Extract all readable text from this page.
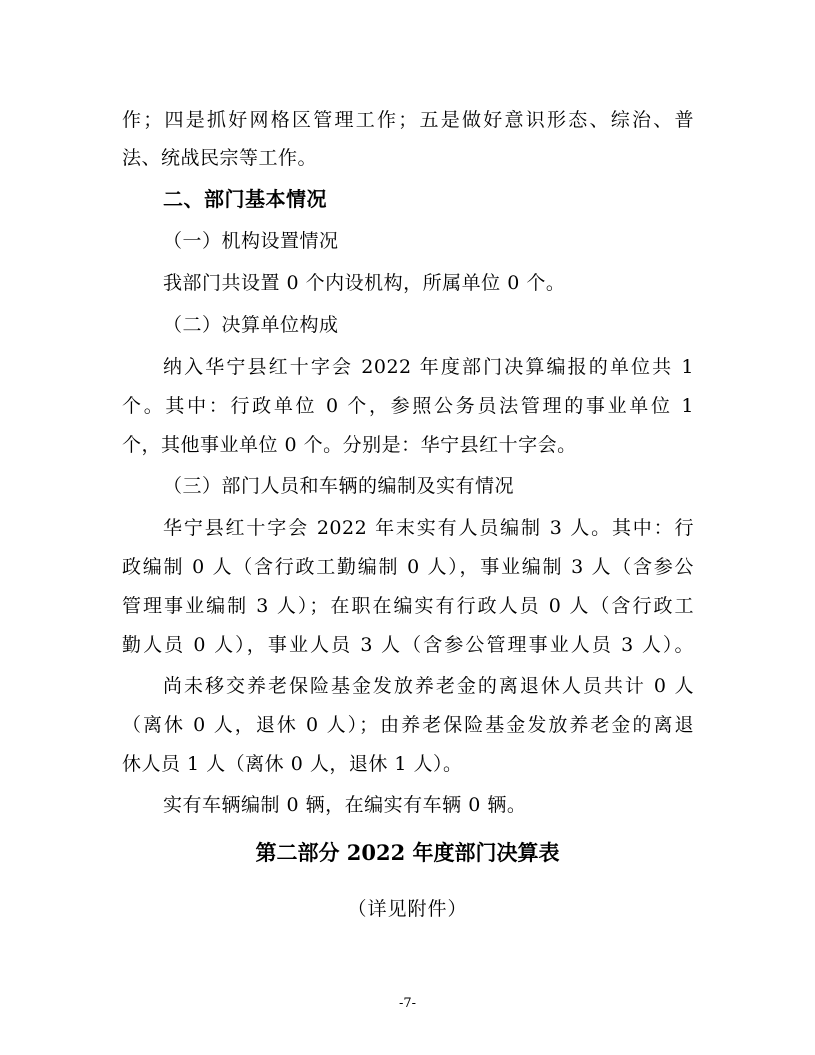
作；四是抓好网格区管理工作；五是做好意识形态、综治、普
法、统战民宗等工作。
二、部门基本情况
（一）机构设置情况
我部门共设置 0 个内设机构，所属单位 0 个。
（二）决算单位构成
纳入华宁县红十字会 2022 年度部门决算编报的单位共 1
个。其中：行政单位 0 个，参照公务员法管理的事业单位 1
个，其他事业单位 0 个。分别是：华宁县红十字会。
（三）部门人员和车辆的编制及实有情况
华宁县红十字会 2022 年末实有人员编制 3 人。其中：行
政编制 0 人（含行政工勤编制 0 人），事业编制 3 人（含参公
管理事业编制 3 人）；在职在编实有行政人员 0 人（含行政工
勤人员 0 人），事业人员 3 人（含参公管理事业人员 3 人）。
尚未移交养老保险基金发放养老金的离退休人员共计 0 人
（离休 0 人，退休 0 人）；由养老保险基金发放养老金的离退
休人员 1 人（离休 0 人，退休 1 人）。
实有车辆编制 0 辆，在编实有车辆 0 辆。
第二部分 2022 年度部门决算表
（详见附件）
-7-
